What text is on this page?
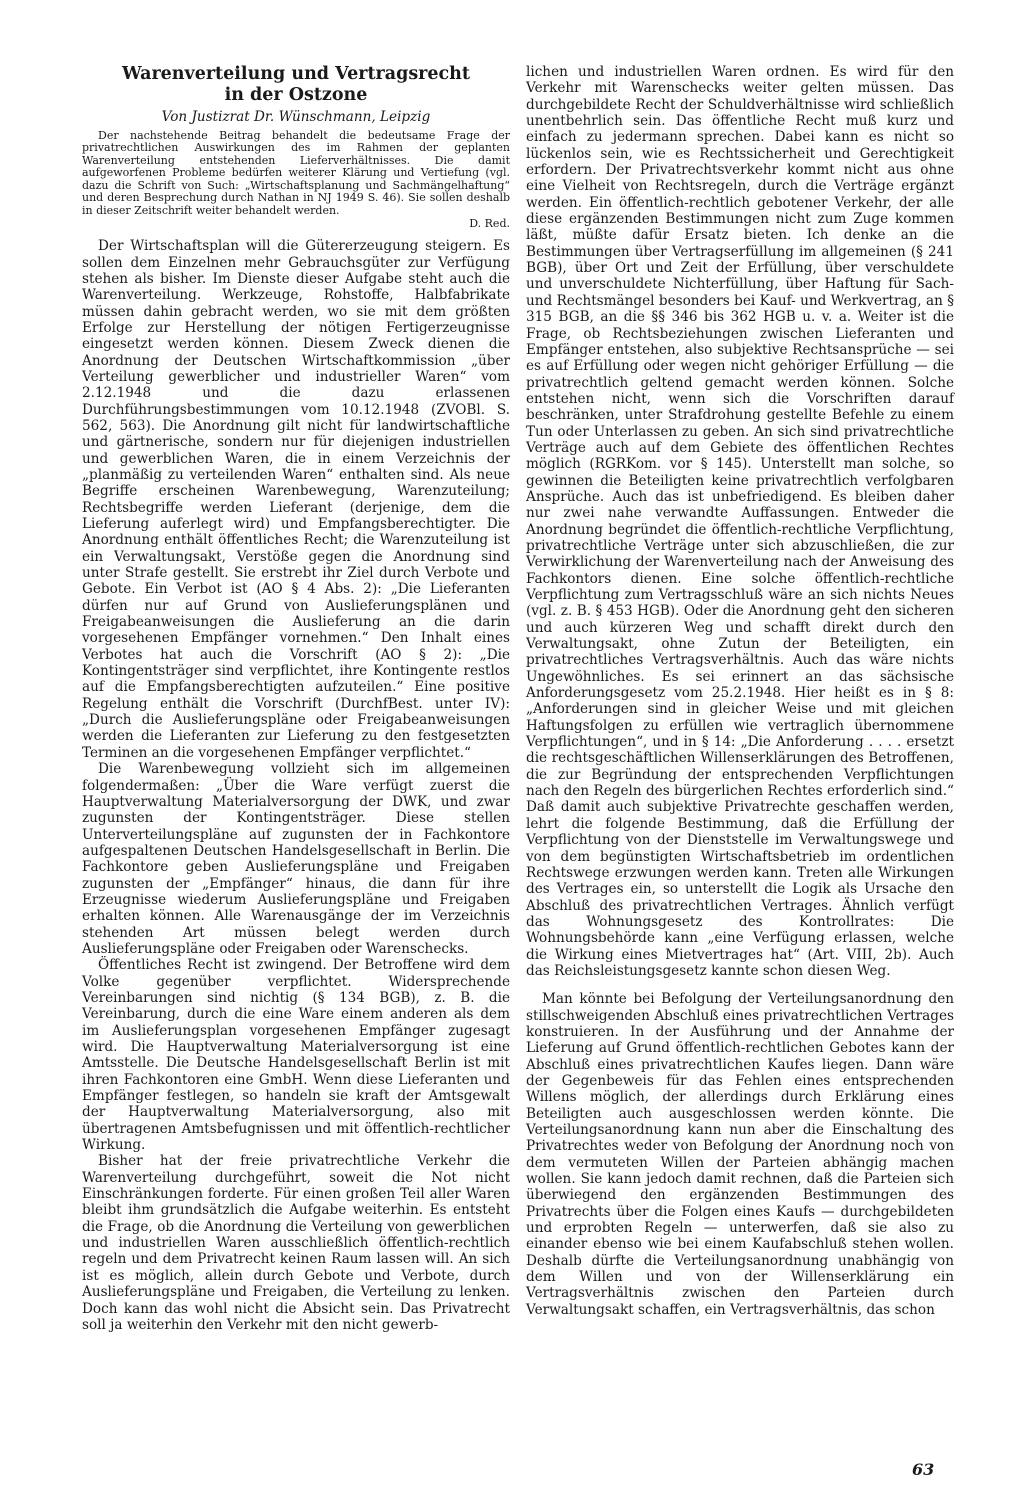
Warenverteilung und Vertragsrecht
in der Ostzone
Von Justizrat Dr. Wünschmann, Leipzig

Der nachstehende Beitrag behandelt die bedeutsame Frage der privatrechtlichen Auswirkungen des im Rahmen der geplanten Warenverteilung entstehenden Lieferverhältnisses. Die damit aufgeworfenen Probleme bedürfen weiterer Klärung und Vertiefung (vgl. dazu die Schrift von Such: „Wirtschaftsplanung und Sachmängelhaftung“ und deren Besprechung durch Nathan in NJ 1949 S. 46). Sie sollen deshalb in dieser Zeitschrift weiter behandelt werden.

D. Red.

Der Wirtschaftsplan will die Gütererzeugung steigern. Es sollen dem Einzelnen mehr Gebrauchsgüter zur Verfügung stehen als bisher. Im Dienste dieser Aufgabe steht auch die Warenverteilung. Werkzeuge, Rohstoffe, Halbfabrikate müssen dahin gebracht werden, wo sie mit dem größten Erfolge zur Herstellung der nötigen Fertigerzeugnisse eingesetzt werden können. Diesem Zweck dienen die Anordnung der Deutschen Wirtschaftkommission „über Verteilung gewerblicher und industrieller Waren“ vom 2.12.1948 und die dazu erlassenen Durchführungsbestimmungen vom 10.12.1948 (ZVOBl. S. 562, 563). Die Anordnung gilt nicht für landwirtschaftliche und gärtnerische, sondern nur für diejenigen industriellen und gewerblichen Waren, die in einem Verzeichnis der „planmäßig zu verteilenden Waren“ enthalten sind. Als neue Begriffe erscheinen Warenbewegung, Warenzuteilung; Rechtsbegriffe werden Lieferant (derjenige, dem die Lieferung auferlegt wird) und Empfangsberechtigter. Die Anordnung enthält öffentliches Recht; die Warenzuteilung ist ein Verwaltungsakt, Verstöße gegen die Anordnung sind unter Strafe gestellt. Sie erstrebt ihr Ziel durch Verbote und Gebote. Ein Verbot ist (AO § 4 Abs. 2): „Die Lieferanten dürfen nur auf Grund von Auslieferungsplänen und Freigabeanweisungen die Auslieferung an die darin vorgesehenen Empfänger vornehmen.“ Den Inhalt eines Verbotes hat auch die Vorschrift (AO § 2): „Die Kontingentsträger sind verpflichtet, ihre Kontingente restlos auf die Empfangsberechtigten aufzuteilen.“ Eine positive Regelung enthält die Vorschrift (DurchfBest. unter IV): „Durch die Auslieferungspläne oder Freigabeanweisungen werden die Lieferanten zur Lieferung zu den festgesetzten Terminen an die vorgesehenen Empfänger verpflichtet.“

Die Warenbewegung vollzieht sich im allgemeinen folgendermaßen: „Über die Ware verfügt zuerst die Hauptverwaltung Materialversorgung der DWK, und zwar zugunsten der Kontingentsträger. Diese stellen Unterverteilungspläne auf zugunsten der in Fachkontore aufgespaltenen Deutschen Handelsgesellschaft in Berlin. Die Fachkontore geben Auslieferungspläne und Freigaben zugunsten der „Empfänger“ hinaus, die dann für ihre Erzeugnisse wiederum Auslieferungspläne und Freigaben erhalten können. Alle Warenausgänge der im Verzeichnis stehenden Art müssen belegt werden durch Auslieferungspläne oder Freigaben oder Warenschecks.

Öffentliches Recht ist zwingend. Der Betroffene wird dem Volke gegenüber verpflichtet. Widersprechende Vereinbarungen sind nichtig (§ 134 BGB), z. B. die Vereinbarung, durch die eine Ware einem anderen als dem im Auslieferungsplan vorgesehenen Empfänger zugesagt wird. Die Hauptverwaltung Materialversorgung ist eine Amtsstelle. Die Deutsche Handelsgesellschaft Berlin ist mit ihren Fachkontoren eine GmbH. Wenn diese Lieferanten und Empfänger festlegen, so handeln sie kraft der Amtsgewalt der Hauptverwaltung Materialversorgung, also mit übertragenen Amtsbefugnissen und mit öffentlich-rechtlicher Wirkung.

Bisher hat der freie privatrechtliche Verkehr die Warenverteilung durchgeführt, soweit die Not nicht Einschränkungen forderte. Für einen großen Teil aller Waren bleibt ihm grundsätzlich die Aufgabe weiterhin. Es entsteht die Frage, ob die Anordnung die Verteilung von gewerblichen und industriellen Waren ausschließlich öffentlich-rechtlich regeln und dem Privatrecht keinen Raum lassen will. An sich ist es möglich, allein durch Gebote und Verbote, durch Auslieferungspläne und Freigaben, die Verteilung zu lenken. Doch kann das wohl nicht die Absicht sein. Das Privatrecht soll ja weiterhin den Verkehr mit den nicht gewerb-

lichen und industriellen Waren ordnen. Es wird für den Verkehr mit Warenschecks weiter gelten müssen. Das durchgebildete Recht der Schuldverhältnisse wird schließlich unentbehrlich sein. Das öffentliche Recht muß kurz und einfach zu jedermann sprechen. Dabei kann es nicht so lückenlos sein, wie es Rechtssicherheit und Gerechtigkeit erfordern. Der Privatrechtsverkehr kommt nicht aus ohne eine Vielheit von Rechtsregeln, durch die Verträge ergänzt werden. Ein öffentlich-rechtlich gebotener Verkehr, der alle diese ergänzenden Bestimmungen nicht zum Zuge kommen läßt, müßte dafür Ersatz bieten. Ich denke an die Bestimmungen über Vertragserfüllung im allgemeinen (§ 241 BGB), über Ort und Zeit der Erfüllung, über verschuldete und unverschuldete Nichterfüllung, über Haftung für Sach- und Rechtsmängel besonders bei Kauf- und Werkvertrag, an § 315 BGB, an die §§ 346 bis 362 HGB u. v. a. Weiter ist die Frage, ob Rechtsbeziehungen zwischen Lieferanten und Empfänger entstehen, also subjektive Rechtsansprüche — sei es auf Erfüllung oder wegen nicht gehöriger Erfüllung — die privatrechtlich geltend gemacht werden können. Solche entstehen nicht, wenn sich die Vorschriften darauf beschränken, unter Strafdrohung gestellte Befehle zu einem Tun oder Unterlassen zu geben. An sich sind privatrechtliche Verträge auch auf dem Gebiete des öffentlichen Rechtes möglich (RGRKom. vor § 145). Unterstellt man solche, so gewinnen die Beteiligten keine privatrechtlich verfolgbaren Ansprüche. Auch das ist unbefriedigend. Es bleiben daher nur zwei nahe verwandte Auffassungen. Entweder die Anordnung begründet die öffentlich-rechtliche Verpflichtung, privatrechtliche Verträge unter sich abzuschließen, die zur Verwirklichung der Warenverteilung nach der Anweisung des Fachkontors dienen. Eine solche öffentlich-rechtliche Verpflichtung zum Vertragsschluß wäre an sich nichts Neues (vgl. z. B. § 453 HGB). Oder die Anordnung geht den sicheren und auch kürzeren Weg und schafft direkt durch den Verwaltungsakt, ohne Zutun der Beteiligten, ein privatrechtliches Vertragsverhältnis. Auch das wäre nichts Ungewöhnliches. Es sei erinnert an das sächsische Anforderungsgesetz vom 25.2.1948. Hier heißt es in § 8: „Anforderungen sind in gleicher Weise und mit gleichen Haftungsfolgen zu erfüllen wie vertraglich übernommene Verpflichtungen“, und in § 14: „Die Anforderung . . . . ersetzt die rechtsgeschäftlichen Willenserklärungen des Betroffenen, die zur Begründung der entsprechenden Verpflichtungen nach den Regeln des bürgerlichen Rechtes erforderlich sind.“ Daß damit auch subjektive Privatrechte geschaffen werden, lehrt die folgende Bestimmung, daß die Erfüllung der Verpflichtung von der Dienststelle im Verwaltungswege und von dem begünstigten Wirtschaftsbetrieb im ordentlichen Rechtswege erzwungen werden kann. Treten alle Wirkungen des Vertrages ein, so unterstellt die Logik als Ursache den Abschluß des privatrechtlichen Vertrages. Ähnlich verfügt das Wohnungsgesetz des Kontrollrates: Die Wohnungsbehörde kann „eine Verfügung erlassen, welche die Wirkung eines Mietvertrages hat“ (Art. VIII, 2b). Auch das Reichsleistungsgesetz kannte schon diesen Weg.

Man könnte bei Befolgung der Verteilungsanordnung den stillschweigenden Abschluß eines privatrechtlichen Vertrages konstruieren. In der Ausführung und der Annahme der Lieferung auf Grund öffentlich-rechtlichen Gebotes kann der Abschluß eines privatrechtlichen Kaufes liegen. Dann wäre der Gegenbeweis für das Fehlen eines entsprechenden Willens möglich, der allerdings durch Erklärung eines Beteiligten auch ausgeschlossen werden könnte. Die Verteilungsanordnung kann nun aber die Einschaltung des Privatrechtes weder von Befolgung der Anordnung noch von dem vermuteten Willen der Parteien abhängig machen wollen. Sie kann jedoch damit rechnen, daß die Parteien sich überwiegend den ergänzenden Bestimmungen des Privatrechts über die Folgen eines Kaufs — durchgebildeten und erprobten Regeln — unterwerfen, daß sie also zu einander ebenso wie bei einem Kaufabschluß stehen wollen. Deshalb dürfte die Verteilungsanordnung unabhängig von dem Willen und von der Willenserklärung ein Vertragsverhältnis zwischen den Parteien durch Verwaltungsakt schaffen, ein Vertragsverhältnis, das schon

63
